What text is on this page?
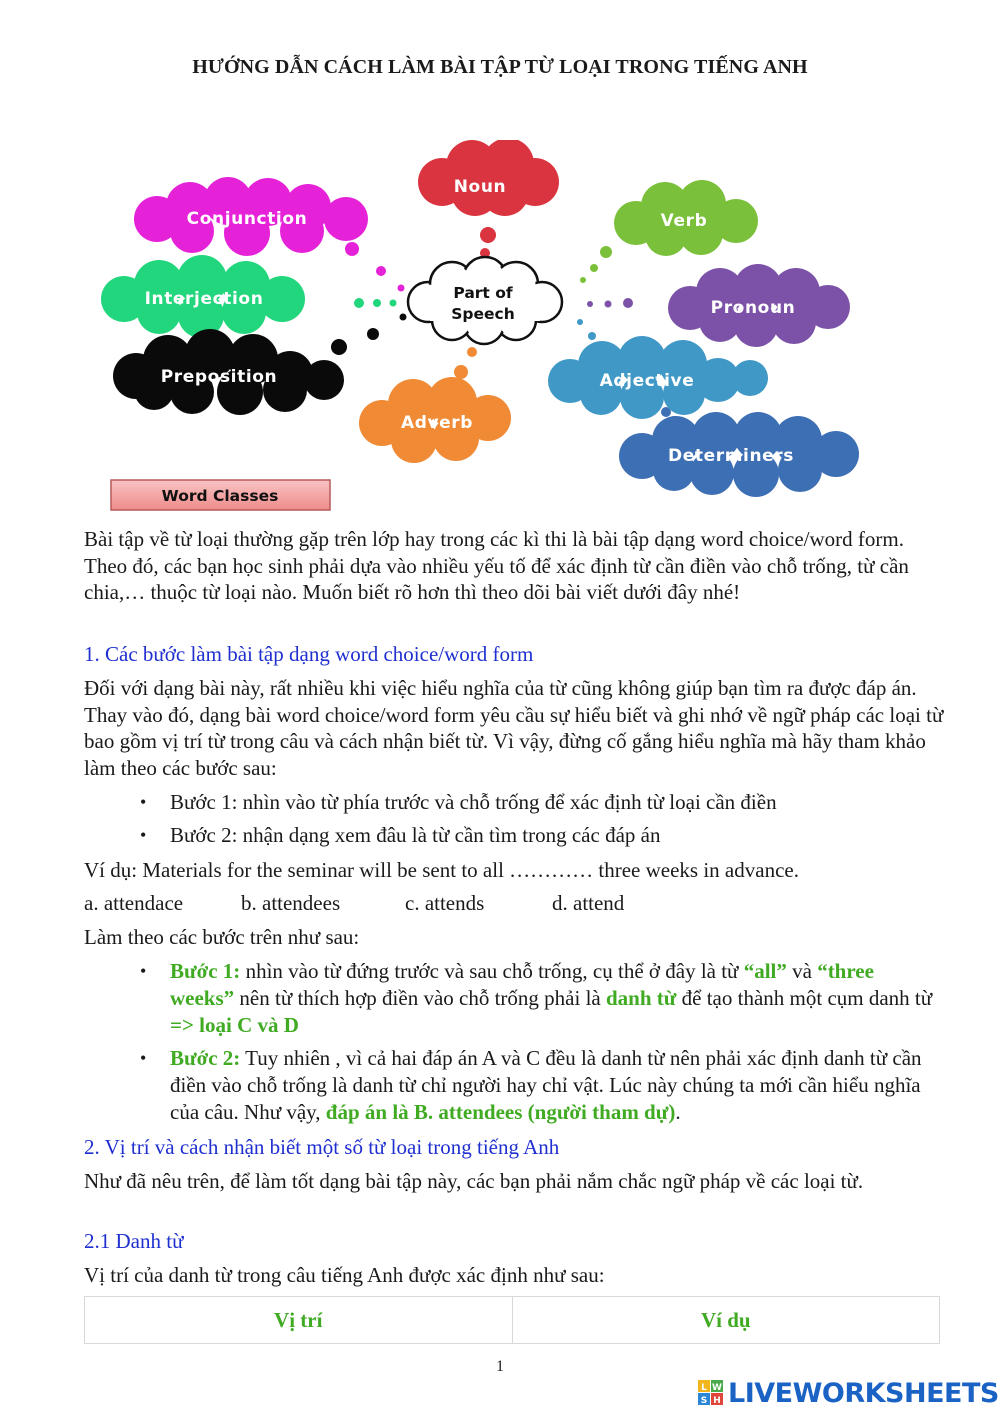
HƯỚNG DẪN CÁCH LÀM BÀI TẬP TỪ LOẠI TRONG TIẾNG ANH
Noun
Conjunction	Verb
Interjection	Part of
Speech	Pronoun
Preposition	Adjective
Adverb
Determiners
Word Classes
Bài tập về từ loại thường gặp trên lớp hay trong các kì thi là bài tập dạng word choice/word form. Theo đó, các bạn học sinh phải dựa vào nhiều yếu tố để xác định từ cần điền vào chỗ trống, từ cần chia,… thuộc từ loại nào. Muốn biết rõ hơn thì theo dõi bài viết dưới đây nhé!
1. Các bước làm bài tập dạng word choice/word form
Đối với dạng bài này, rất nhiều khi việc hiểu nghĩa của từ cũng không giúp bạn tìm ra được đáp án. Thay vào đó, dạng bài word choice/word form yêu cầu sự hiểu biết và ghi nhớ về ngữ pháp các loại từ bao gồm vị trí từ trong câu và cách nhận biết từ. Vì vậy, đừng cố gắng hiểu nghĩa mà hãy tham khảo làm theo các bước sau:
• Bước 1: nhìn vào từ phía trước và chỗ trống để xác định từ loại cần điền
• Bước 2: nhận dạng xem đâu là từ cần tìm trong các đáp án
Ví dụ: Materials for the seminar will be sent to all ………… three weeks in advance.
a. attendace	b. attendees	c. attends	d. attend
Làm theo các bước trên như sau:
• Bước 1: nhìn vào từ đứng trước và sau chỗ trống, cụ thể ở đây là từ “all” và “three weeks” nên từ thích hợp điền vào chỗ trống phải là danh từ để tạo thành một cụm danh từ => loại C và D
• Bước 2: Tuy nhiên , vì cả hai đáp án A và C đều là danh từ nên phải xác định danh từ cần điền vào chỗ trống là danh từ chỉ người hay chỉ vật. Lúc này chúng ta mới cần hiểu nghĩa của câu. Như vậy, đáp án là B. attendees (người tham dự).
2. Vị trí và cách nhận biết một số từ loại trong tiếng Anh
Như đã nêu trên, để làm tốt dạng bài tập này, các bạn phải nắm chắc ngữ pháp về các loại từ.
2.1 Danh từ
Vị trí của danh từ trong câu tiếng Anh được xác định như sau:
Vị trí	Ví dụ
1
L W
S H LIVEWORKSHEETS
